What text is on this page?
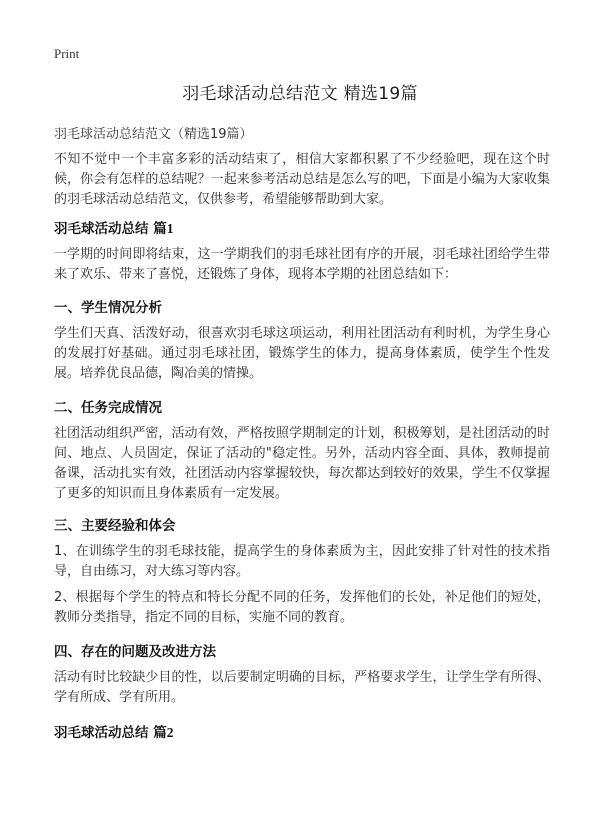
Print
羽毛球活动总结范文 精选19篇
羽毛球活动总结范文（精选19篇）
不知不觉中一个丰富多彩的活动结束了，相信大家都积累了不少经验吧，现在这个时候，你会有怎样的总结呢？一起来参考活动总结是怎么写的吧，下面是小编为大家收集的羽毛球活动总结范文，仅供参考，希望能够帮助到大家。
羽毛球活动总结 篇1
一学期的时间即将结束，这一学期我们的羽毛球社团有序的开展，羽毛球社团给学生带来了欢乐、带来了喜悦，还锻炼了身体，现将本学期的社团总结如下：
一、学生情况分析
学生们天真、活泼好动，很喜欢羽毛球这项运动，利用社团活动有利时机，为学生身心的发展打好基础。通过羽毛球社团，锻炼学生的体力，提高身体素质，使学生个性发展。培养优良品德，陶冶美的情操。
二、任务完成情况
社团活动组织严密，活动有效，严格按照学期制定的计划，积极筹划，是社团活动的时间、地点、人员固定，保证了活动的"稳定性。另外，活动内容全面、具体，教师提前备课，活动扎实有效，社团活动内容掌握较快，每次都达到较好的效果，学生不仅掌握了更多的知识而且身体素质有一定发展。
三、主要经验和体会
1、在训练学生的羽毛球技能，提高学生的身体素质为主，因此安排了针对性的技术指导，自由练习，对大练习等内容。
2、根据每个学生的特点和特长分配不同的任务，发挥他们的长处，补足他们的短处，教师分类指导，指定不同的目标，实施不同的教育。
四、存在的问题及改进方法
活动有时比较缺少目的性，以后要制定明确的目标，严格要求学生，让学生学有所得、学有所成、学有所用。
羽毛球活动总结 篇2
